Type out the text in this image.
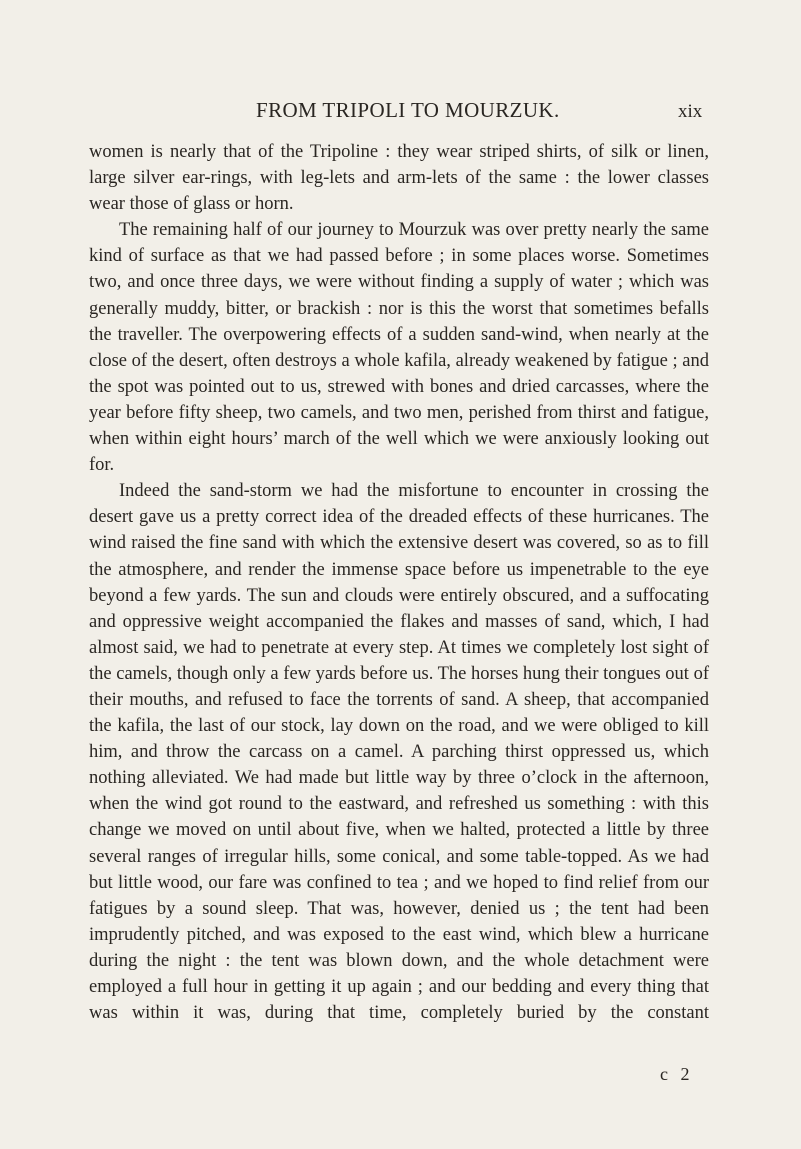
FROM TRIPOLI TO MOURZUK.	xix

women is nearly that of the Tripoline : they wear striped shirts, of silk or linen, large silver ear-rings, with leg-lets and arm-lets of the same : the lower classes wear those of glass or horn.

The remaining half of our journey to Mourzuk was over pretty nearly the same kind of surface as that we had passed before ; in some places worse. Sometimes two, and once three days, we were without finding a supply of water ; which was generally muddy, bitter, or brackish : nor is this the worst that sometimes befalls the traveller. The overpowering effects of a sudden sand-wind, when nearly at the close of the desert, often destroys a whole kafila, already weakened by fatigue ; and the spot was pointed out to us, strewed with bones and dried carcasses, where the year before fifty sheep, two camels, and two men, perished from thirst and fatigue, when within eight hours’ march of the well which we were anxiously looking out for.

Indeed the sand-storm we had the misfortune to encounter in crossing the desert gave us a pretty correct idea of the dreaded effects of these hurricanes. The wind raised the fine sand with which the extensive desert was covered, so as to fill the atmosphere, and render the immense space before us impenetrable to the eye beyond a few yards. The sun and clouds were entirely obscured, and a suffocating and oppressive weight accompanied the flakes and masses of sand, which, I had almost said, we had to penetrate at every step. At times we completely lost sight of the camels, though only a few yards before us. The horses hung their tongues out of their mouths, and refused to face the torrents of sand. A sheep, that accompanied the kafila, the last of our stock, lay down on the road, and we were obliged to kill him, and throw the carcass on a camel. A parching thirst oppressed us, which nothing alleviated. We had made but little way by three o’clock in the afternoon, when the wind got round to the eastward, and refreshed us something : with this change we moved on until about five, when we halted, protected a little by three several ranges of irregular hills, some conical, and some table-topped. As we had but little wood, our fare was confined to tea ; and we hoped to find relief from our fatigues by a sound sleep. That was, however, denied us ; the tent had been imprudently pitched, and was exposed to the east wind, which blew a hurricane during the night : the tent was blown down, and the whole detachment were employed a full hour in getting it up again ; and our bedding and every thing that was within it was, during that time, completely buried by the constant

c 2
